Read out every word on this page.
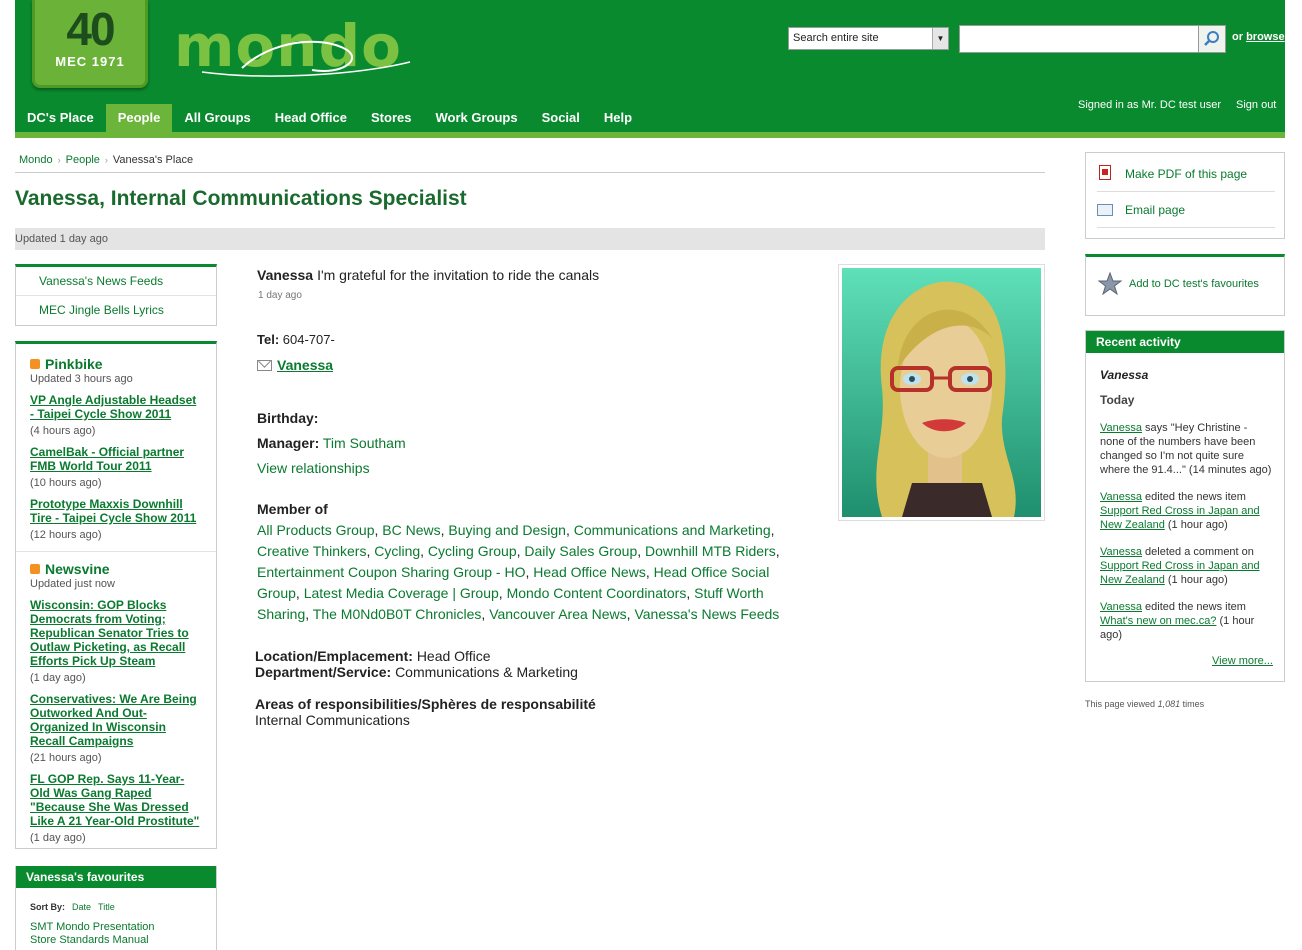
40
MEC 1971 mondo	Search entire site	▼	or browse
Signed in as Mr. DC test user Sign out
DC's Place	People	All Groups	Head Office	Stores	Work Groups	Social	Help
Mondo › People › Vanessa's Place
Vanessa, Internal Communications Specialist
Updated 1 day ago
Vanessa's News Feeds
MEC Jingle Bells Lyrics
Pinkbike
Updated 3 hours ago
VP Angle Adjustable Headset - Taipei Cycle Show 2011
(4 hours ago)
CamelBak - Official partner FMB World Tour 2011
(10 hours ago)
Prototype Maxxis Downhill Tire - Taipei Cycle Show 2011
(12 hours ago)
Newsvine
Updated just now
Wisconsin: GOP Blocks Democrats from Voting; Republican Senator Tries to Outlaw Picketing, as Recall Efforts Pick Up Steam
(1 day ago)
Conservatives: We Are Being Outworked And Out-Organized In Wisconsin Recall Campaigns
(21 hours ago)
FL GOP Rep. Says 11-Year-Old Was Gang Raped "Because She Was Dressed Like A 21 Year-Old Prostitute"
(1 day ago)
Vanessa's favourites
Sort By: Date Title
SMT Mondo Presentation
Store Standards Manual
Vanessa I'm grateful for the invitation to ride the canals
1 day ago
Tel: 604-707-
Vanessa
Birthday:
Manager: Tim Southam
View relationships
Member of
All Products Group, BC News, Buying and Design, Communications and Marketing, Creative Thinkers, Cycling, Cycling Group, Daily Sales Group, Downhill MTB Riders, Entertainment Coupon Sharing Group - HO, Head Office News, Head Office Social Group, Latest Media Coverage | Group, Mondo Content Coordinators, Stuff Worth Sharing, The M0Nd0B0T Chronicles, Vancouver Area News, Vanessa's News Feeds
Location/Emplacement: Head Office
Department/Service: Communications & Marketing
Areas of responsibilities/Sphères de responsabilité
Internal Communications
Make PDF of this page
Email page
Add to DC test's favourites
Recent activity
Vanessa
Today
Vanessa says "Hey Christine - none of the numbers have been changed so I'm not quite sure where the 91.4..." (14 minutes ago)
Vanessa edited the news item Support Red Cross in Japan and New Zealand (1 hour ago)
Vanessa deleted a comment on Support Red Cross in Japan and New Zealand (1 hour ago)
Vanessa edited the news item What's new on mec.ca? (1 hour ago)
View more...
This page viewed 1,081 times
